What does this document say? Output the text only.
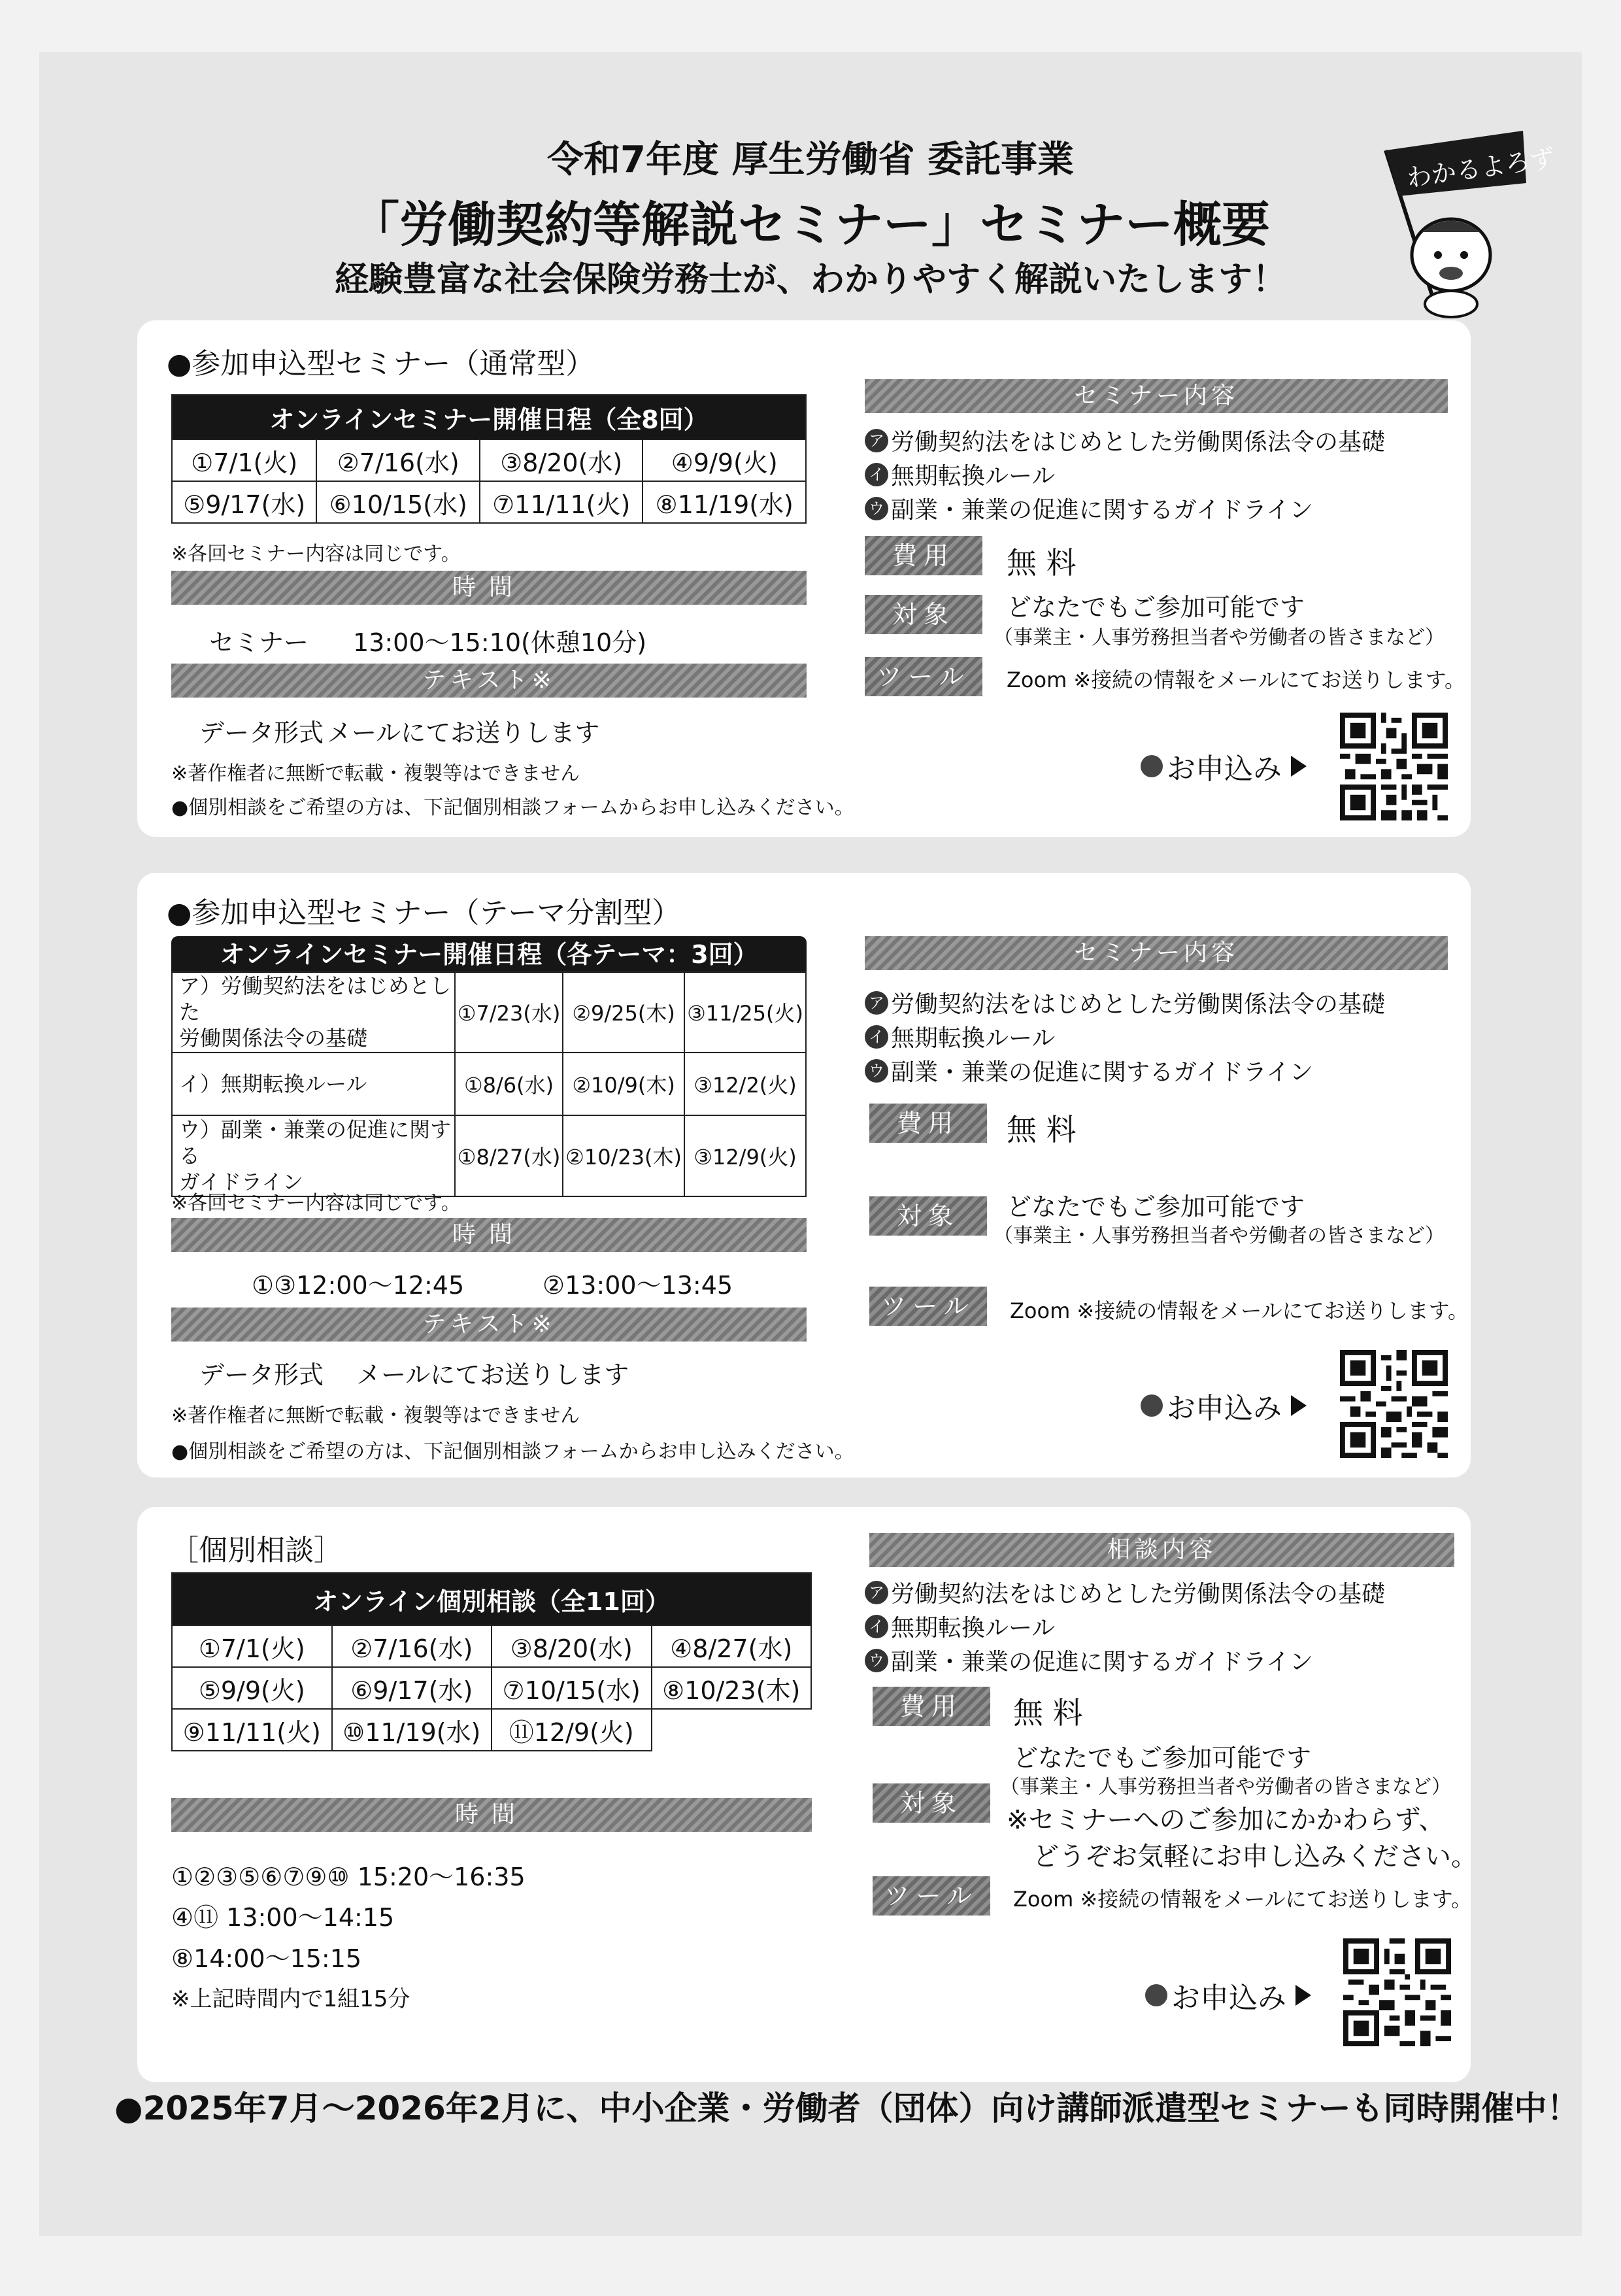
令和7年度 厚生労働省 委託事業
「労働契約等解説セミナー」セミナー概要
経験豊富な社会保険労務士が、わかりやすく解説いたします！
わかるよろず
●参加申込型セミナー（通常型）
オンラインセミナー開催日程（全8回）			
①7/1(火)	②7/16(水)	③8/20(水)	④9/9(火)
⑤9/17(水)	⑥10/15(水)	⑦11/11(火)	⑧11/19(水)
※各回セミナー内容は同じです。
時間
セミナー 13:00～15:10(休憩10分)
テキスト※
データ形式 メールにてお送りします
※著作権者に無断で転載・複製等はできません
●個別相談をご希望の方は、下記個別相談フォームからお申し込みください。
セミナー内容
ア 労働契約法をはじめとした労働関係法令の基礎
イ 無期転換ルール
ウ 副業・兼業の促進に関するガイドライン
費用	無 料
対象	どなたでもご参加可能です
（事業主・人事労務担当者や労働者の皆さまなど）
ツール	Zoom ※接続の情報をメールにてお送りします。
お申込み
●参加申込型セミナー（テーマ分割型）
オンラインセミナー開催日程（各テーマ：3回）
ア）労働契約法をはじめとした
労働関係法令の基礎	①7/23(水)	②9/25(木)	③11/25(火)
イ）無期転換ルール	①8/6(水)	②10/9(木)	③12/2(火)
ウ）副業・兼業の促進に関する
ガイドライン	①8/27(水)	②10/23(木)	③12/9(火)
※各回セミナー内容は同じです。
時間
①③12:00～12:45	②13:00～13:45
テキスト※
データ形式 メールにてお送りします
※著作権者に無断で転載・複製等はできません
●個別相談をご希望の方は、下記個別相談フォームからお申し込みください。
セミナー内容
ア 労働契約法をはじめとした労働関係法令の基礎
イ 無期転換ルール
ウ 副業・兼業の促進に関するガイドライン
費用	無 料
対象	どなたでもご参加可能です
（事業主・人事労務担当者や労働者の皆さまなど）
ツール	Zoom ※接続の情報をメールにてお送りします。
お申込み
［個別相談］
オンライン個別相談（全11回）			
①7/1(火)	②7/16(水)	③8/20(水)	④8/27(水)
⑤9/9(火)	⑥9/17(水)	⑦10/15(水)	⑧10/23(木)
⑨11/11(火)	⑩11/19(水)	⑪12/9(火)	
時間
①②③⑤⑥⑦⑨⑩ 15:20～16:35
④⑪ 13:00～14:15
⑧14:00～15:15
※上記時間内で1組15分
相談内容
ア 労働契約法をはじめとした労働関係法令の基礎
イ 無期転換ルール
ウ 副業・兼業の促進に関するガイドライン
費用	無 料
対象
どなたでもご参加可能です
（事業主・人事労務担当者や労働者の皆さまなど）
※セミナーへのご参加にかかわらず、
どうぞお気軽にお申し込みください。
ツール	Zoom ※接続の情報をメールにてお送りします。
お申込み
●2025年7月～2026年2月に、中小企業・労働者（団体）向け講師派遣型セミナーも同時開催中！
